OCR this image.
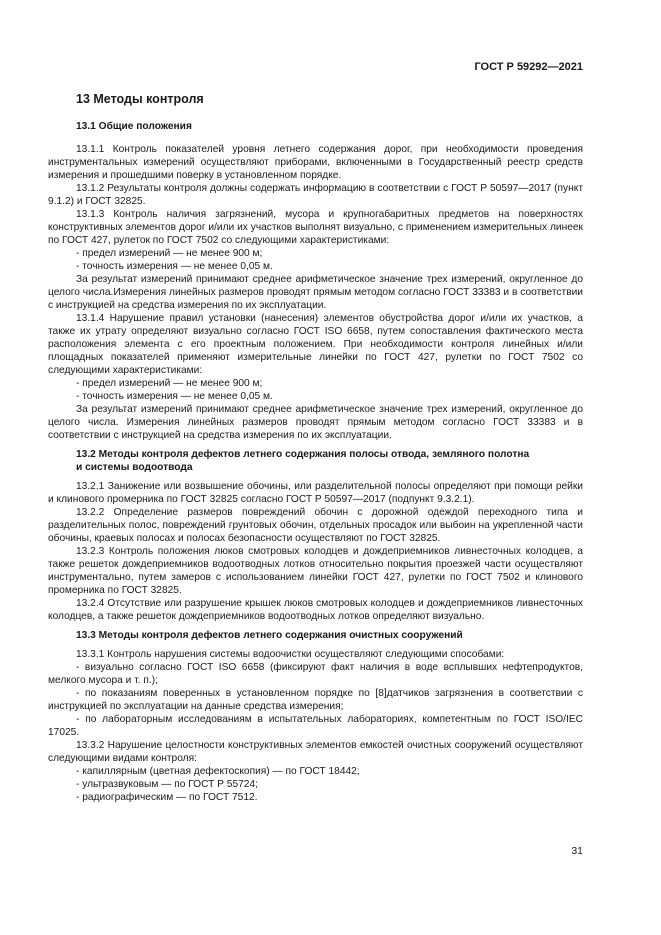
ГОСТ Р 59292—2021
13 Методы контроля
13.1 Общие положения

13.1.1 Контроль показателей уровня летнего содержания дорог, при необходимости проведения инструментальных измерений осуществляют приборами, включенными в Государственный реестр средств измерения и прошедшими поверку в установленном порядке.

13.1.2 Результаты контроля должны содержать информацию в соответствии с ГОСТ Р 50597—2017 (пункт 9.1.2) и ГОСТ 32825.

13.1.3 Контроль наличия загрязнений, мусора и крупногабаритных предметов на поверхностях конструктивных элементов дорог и/или их участков выполнят визуально, с применением измерительных линеек по ГОСТ 427, рулеток по ГОСТ 7502 со следующими характеристиками:

- предел измерений — не менее 900 м;
- точность измерения — не менее 0,05 м.

За результат измерений принимают среднее арифметическое значение трех измерений, округленное до целого числа.Измерения линейных размеров проводят прямым методом согласно ГОСТ 33383 и в соответствии с инструкцией на средства измерения по их эксплуатации.

13.1.4 Нарушение правил установки (нанесения) элементов обустройства дорог и/или их участков, а также их утрату определяют визуально согласно ГОСТ ISO 6658, путем сопоставления фактического места расположения элемента с его проектным положением. При необходимости контроля линейных и/или площадных показателей применяют измерительные линейки по ГОСТ 427, рулетки по ГОСТ 7502 со следующими характеристиками:

- предел измерений — не менее 900 м;
- точность измерения — не менее 0,05 м.

За результат измерений принимают среднее арифметическое значение трех измерений, округленное до целого числа. Измерения линейных размеров проводят прямым методом согласно ГОСТ 33383 и в соответствии с инструкцией на средства измерения по их эксплуатации.

13.2 Методы контроля дефектов летнего содержания полосы отвода, земляного полотна
и системы водоотвода

13.2.1 Занижение или возвышение обочины, или разделительной полосы определяют при помощи рейки и клинового промерника по ГОСТ 32825 согласно ГОСТ Р 50597—2017 (подпункт 9.3.2.1).

13.2.2 Определение размеров повреждений обочин с дорожной одеждой переходного типа и разделительных полос, повреждений грунтовых обочин, отдельных просадок или выбоин на укрепленной части обочины, краевых полосах и полосах безопасности осуществляют по ГОСТ 32825.

13.2.3 Контроль положения люков смотровых колодцев и дождеприемников ливнесточных колодцев, а также решеток дождеприемников водоотводных лотков относительно покрытия проезжей части осуществляют инструментально, путем замеров с использованием линейки ГОСТ 427, рулетки по ГОСТ 7502 и клинового промерника по ГОСТ 32825.

13.2.4 Отсутствие или разрушение крышек люков смотровых колодцев и дождеприемников ливнесточных колодцев, а также решеток дождеприемников водоотводных лотков определяют визуально.

13.3 Методы контроля дефектов летнего содержания очистных сооружений

13.3.1 Контроль нарушения системы водоочистки осуществляют следующими способами:

- визуально согласно ГОСТ ISO 6658 (фиксируют факт наличия в воде всплывших нефтепродуктов, мелкого мусора и т. п.);
- по показаниям поверенных в установленном порядке по [8]датчиков загрязнения в соответствии с инструкцией по эксплуатации на данные средства измерения;
- по лабораторным исследованиям в испытательных лабораториях, компетентным по ГОСТ ISO/IEC 17025.

13.3.2 Нарушение целостности конструктивных элементов емкостей очистных сооружений осуществляют следующими видами контроля:

- капиллярным (цветная дефектоскопия) — по ГОСТ 18442;
- ультразвуковым — по ГОСТ Р 55724;
- радиографическим — по ГОСТ 7512.
31
